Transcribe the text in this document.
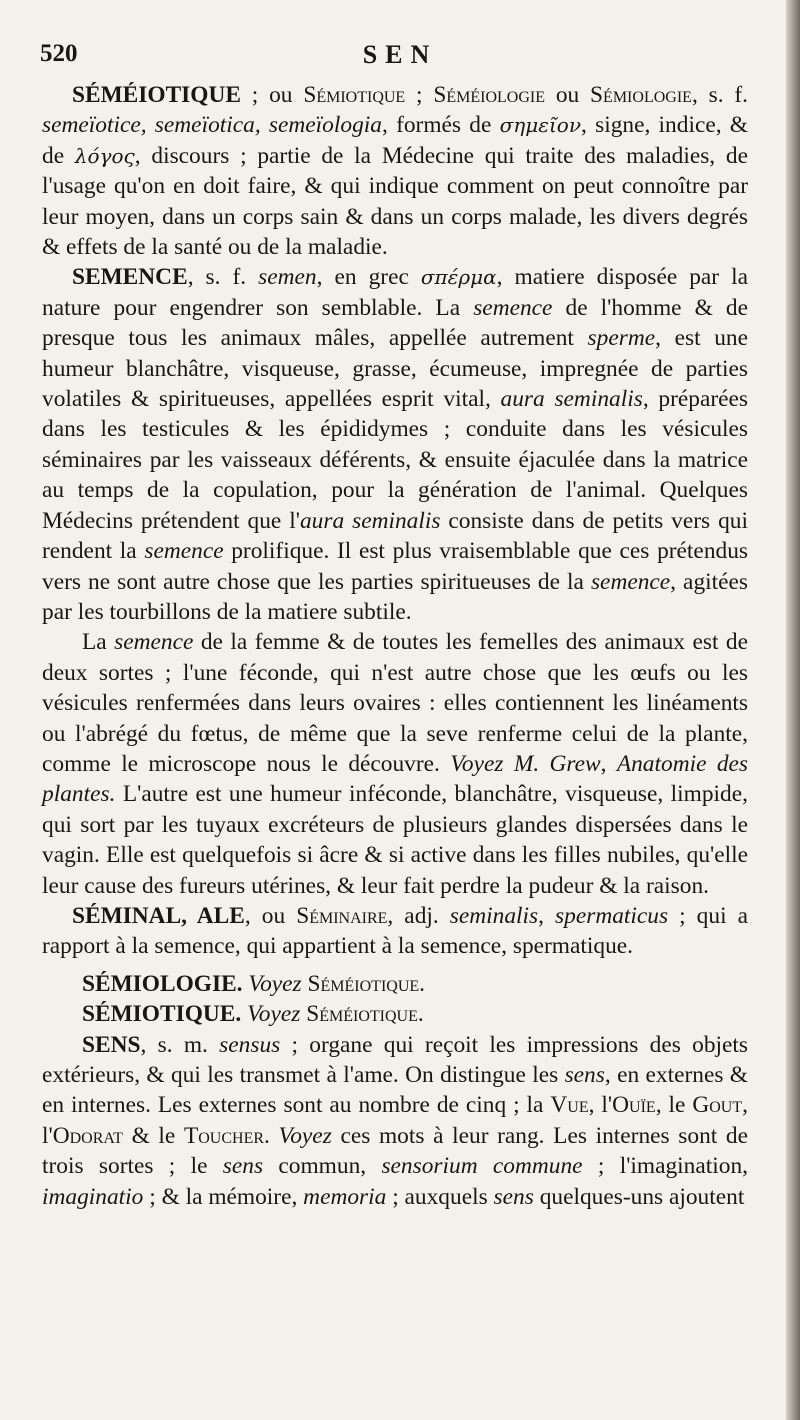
520	SEN

SÉMÉIOTIQUE ; ou Sémiotique ; Séméiologie ou Sémiologie, s. f. semeïotice, semeïotica, semeïologia, formés de σημεῖον, signe, indice, & de λόγος, discours ; partie de la Médecine qui traite des maladies, de l'usage qu'on en doit faire, & qui indique comment on peut connoître par leur moyen, dans un corps sain & dans un corps malade, les divers degrés & effets de la santé ou de la maladie.

SEMENCE, s. f. semen, en grec σπέρμα, matiere disposée par la nature pour engendrer son semblable. La semence de l'homme & de presque tous les animaux mâles, appellée autrement sperme, est une humeur blanchâtre, visqueuse, grasse, écumeuse, impregnée de parties volatiles & spiritueuses, appellées esprit vital, aura seminalis, préparées dans les testicules & les épididymes ; conduite dans les vésicules séminaires par les vaisseaux déférents, & ensuite éjaculée dans la matrice au temps de la copulation, pour la génération de l'animal. Quelques Médecins prétendent que l'aura seminalis consiste dans de petits vers qui rendent la semence prolifique. Il est plus vraisemblable que ces prétendus vers ne sont autre chose que les parties spiritueuses de la semence, agitées par les tourbillons de la matiere subtile.

La semence de la femme & de toutes les femelles des animaux est de deux sortes ; l'une féconde, qui n'est autre chose que les œufs ou les vésicules renfermées dans leurs ovaires : elles contiennent les linéaments ou l'abrégé du fœtus, de même que la seve renferme celui de la plante, comme le microscope nous le découvre. Voyez M. Grew, Anatomie des plantes. L'autre est une humeur inféconde, blanchâtre, visqueuse, limpide, qui sort par les tuyaux excréteurs de plusieurs glandes dispersées dans le vagin. Elle est quelquefois si âcre & si active dans les filles nubiles, qu'elle leur cause des fureurs utérines, & leur fait perdre la pudeur & la raison.

SÉMINAL, ALE, ou Séminaire, adj. seminalis, spermaticus ; qui a rapport à la semence, qui appartient à la semence, spermatique.

SÉMIOLOGIE. Voyez Séméiotique.

SÉMIOTIQUE. Voyez Séméiotique.

SENS, s. m. sensus ; organe qui reçoit les impressions des objets extérieurs, & qui les transmet à l'ame. On distingue les sens, en externes & en internes. Les externes sont au nombre de cinq ; la Vue, l'Ouïe, le Gout, l'Odorat & le Toucher. Voyez ces mots à leur rang. Les internes sont de trois sortes ; le sens commun, sensorium commune ; l'imagination, imaginatio ; & la mémoire, memoria ; auxquels sens quelques-uns ajoutent
